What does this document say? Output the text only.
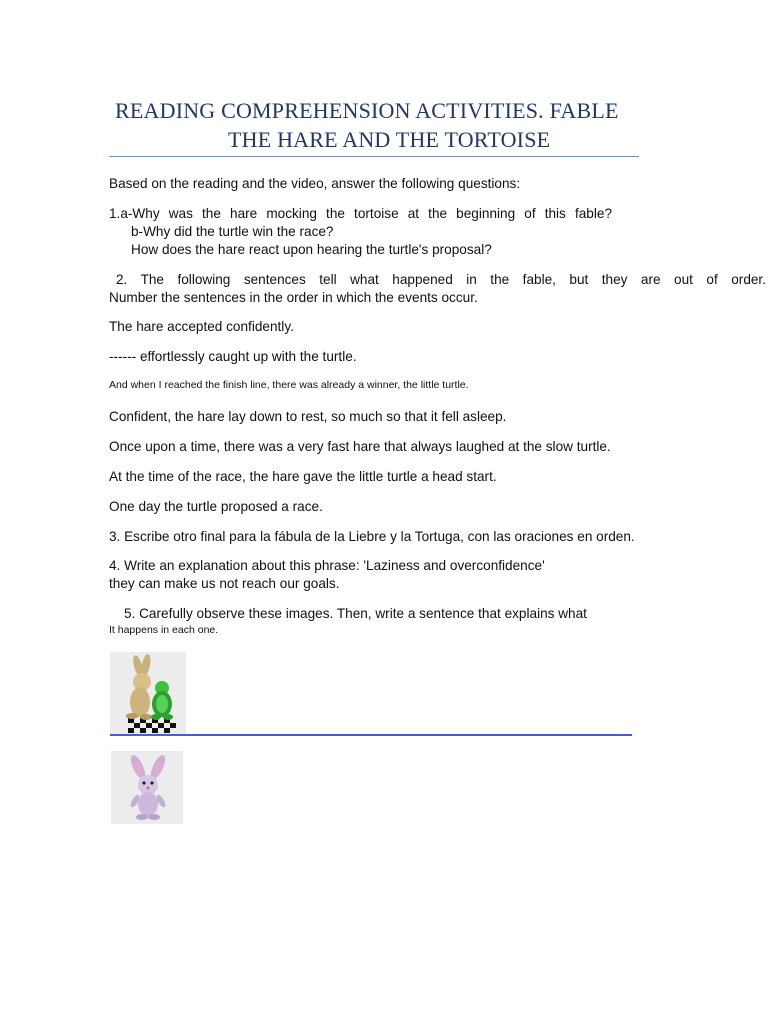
READING COMPREHENSION ACTIVITIES. FABLE
THE HARE AND THE TORTOISE
Based on the reading and the video, answer the following questions:
1.a-Why was the hare mocking the tortoise at the beginning of this fable?
b-Why did the turtle win the race?
How does the hare react upon hearing the turtle's proposal?
2. The following sentences tell what happened in the fable, but they are out of order.
Number the sentences in the order in which the events occur.
The hare accepted confidently.
------ effortlessly caught up with the turtle.
And when I reached the finish line, there was already a winner, the little turtle.
Confident, the hare lay down to rest, so much so that it fell asleep.
Once upon a time, there was a very fast hare that always laughed at the slow turtle.
At the time of the race, the hare gave the little turtle a head start.
One day the turtle proposed a race.
3. Escribe otro final para la fábula de la Liebre y la Tortuga, con las oraciones en orden.
4. Write an explanation about this phrase: 'Laziness and overconfidence'
they can make us not reach our goals.
5. Carefully observe these images. Then, write a sentence that explains what
It happens in each one.
